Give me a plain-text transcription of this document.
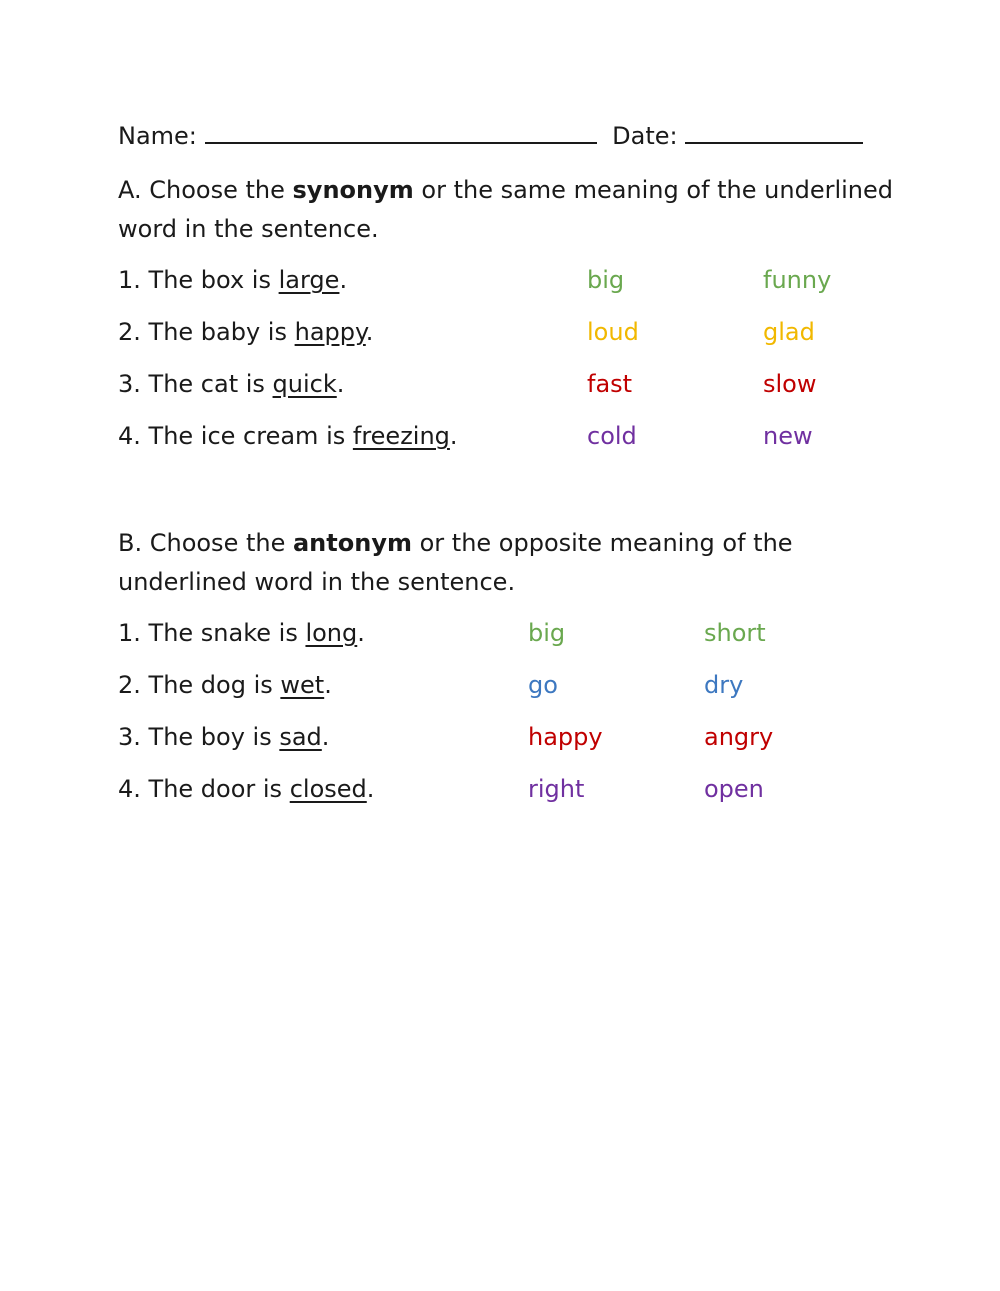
Name:	Date:
A. Choose the synonym or the same meaning of the underlined word in the sentence.
1. The box is large.	big	funny
2. The baby is happy.	loud	glad
3. The cat is quick.	fast	slow
4. The ice cream is freezing.	cold	new
B. Choose the antonym or the opposite meaning of the underlined word in the sentence.
1. The snake is long.	big	short
2. The dog is wet.	go	dry
3. The boy is sad.	happy	angry
4. The door is closed.	right	open
